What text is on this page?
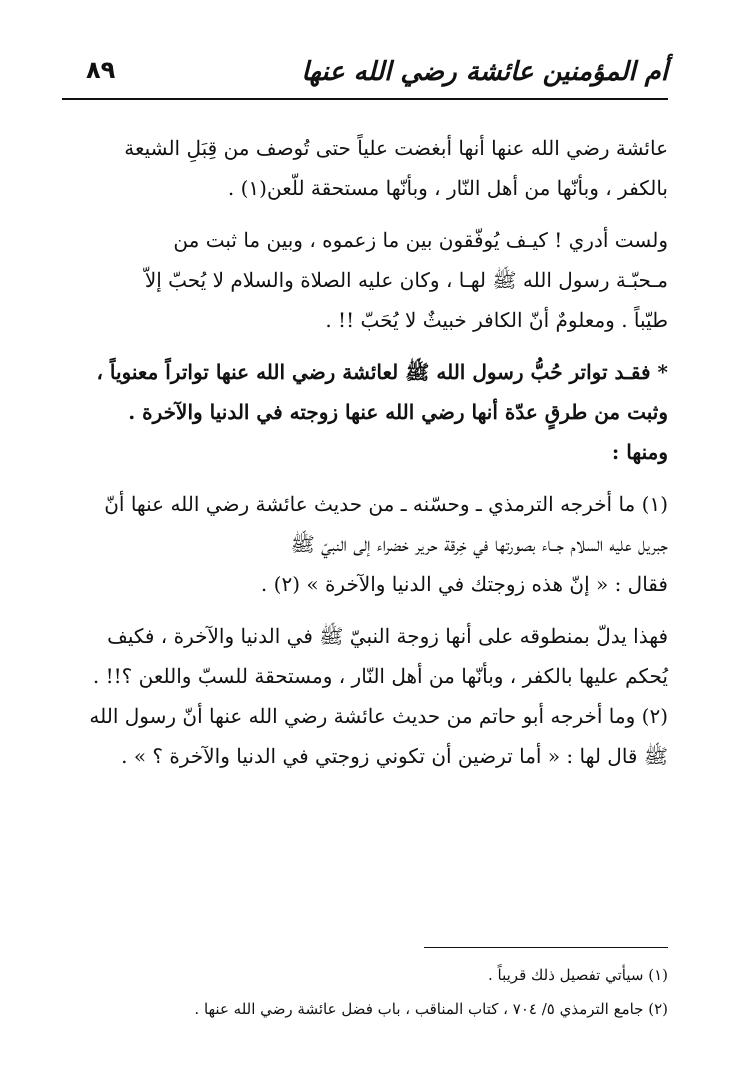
أم المؤمنين عائشة رضي الله عنها
٨٩
عائشة رضي الله عنها أنها أبغضت علياً حتى تُوصف من قِبَلِ الشيعة
بالكفر ، وبأنّها من أهل النّار ، وبأنّها مستحقة للّعن(١) .
ولست أدري ! كيـف يُوفّقون بين ما زعموه ، وبين ما ثبت من
مـحبّـة رسول الله ﷺ لهـا ، وكان عليه الصلاة والسلام لا يُحبّ إلاّ
طيّباً . ومعلومٌ أنّ الكافر خبيثٌ لا يُحَبّ !! .
* فقـد تواتر حُبُّ رسول الله ﷺ لعائشة رضي الله عنها تواتراً معنوياً ،
وثبت من طرقٍ عدّة أنها رضي الله عنها زوجته في الدنيا والآخرة .
ومنها :
(١) ما أخرجه الترمذي ـ وحسّنه ـ من حديث عائشة رضي الله عنها أنّ
جبريل عليه السلام جــاء بصورتها في خِرقة حرير خضراء إلى النبيّ ﷺ
فقال : « إنّ هذه زوجتك في الدنيا والآخرة » (٢) .
فهذا يدلّ بمنطوقه على أنها زوجة النبيّ ﷺ في الدنيا والآخرة ، فكيف
يُحكم عليها بالكفر ، وبأنّها من أهل النّار ، ومستحقة للسبّ واللعن ؟!! .
(٢) وما أخرجه أبو حاتم من حديث عائشة رضي الله عنها أنّ رسول الله
ﷺ قال لها : « أما ترضين أن تكوني زوجتي في الدنيا والآخرة ؟ » .
(١) سيأتي تفصيل ذلك قريباً .
(٢) جامع الترمذي ٥/ ٧٠٤ ، كتاب المناقب ، باب فضل عائشة رضي الله عنها .
